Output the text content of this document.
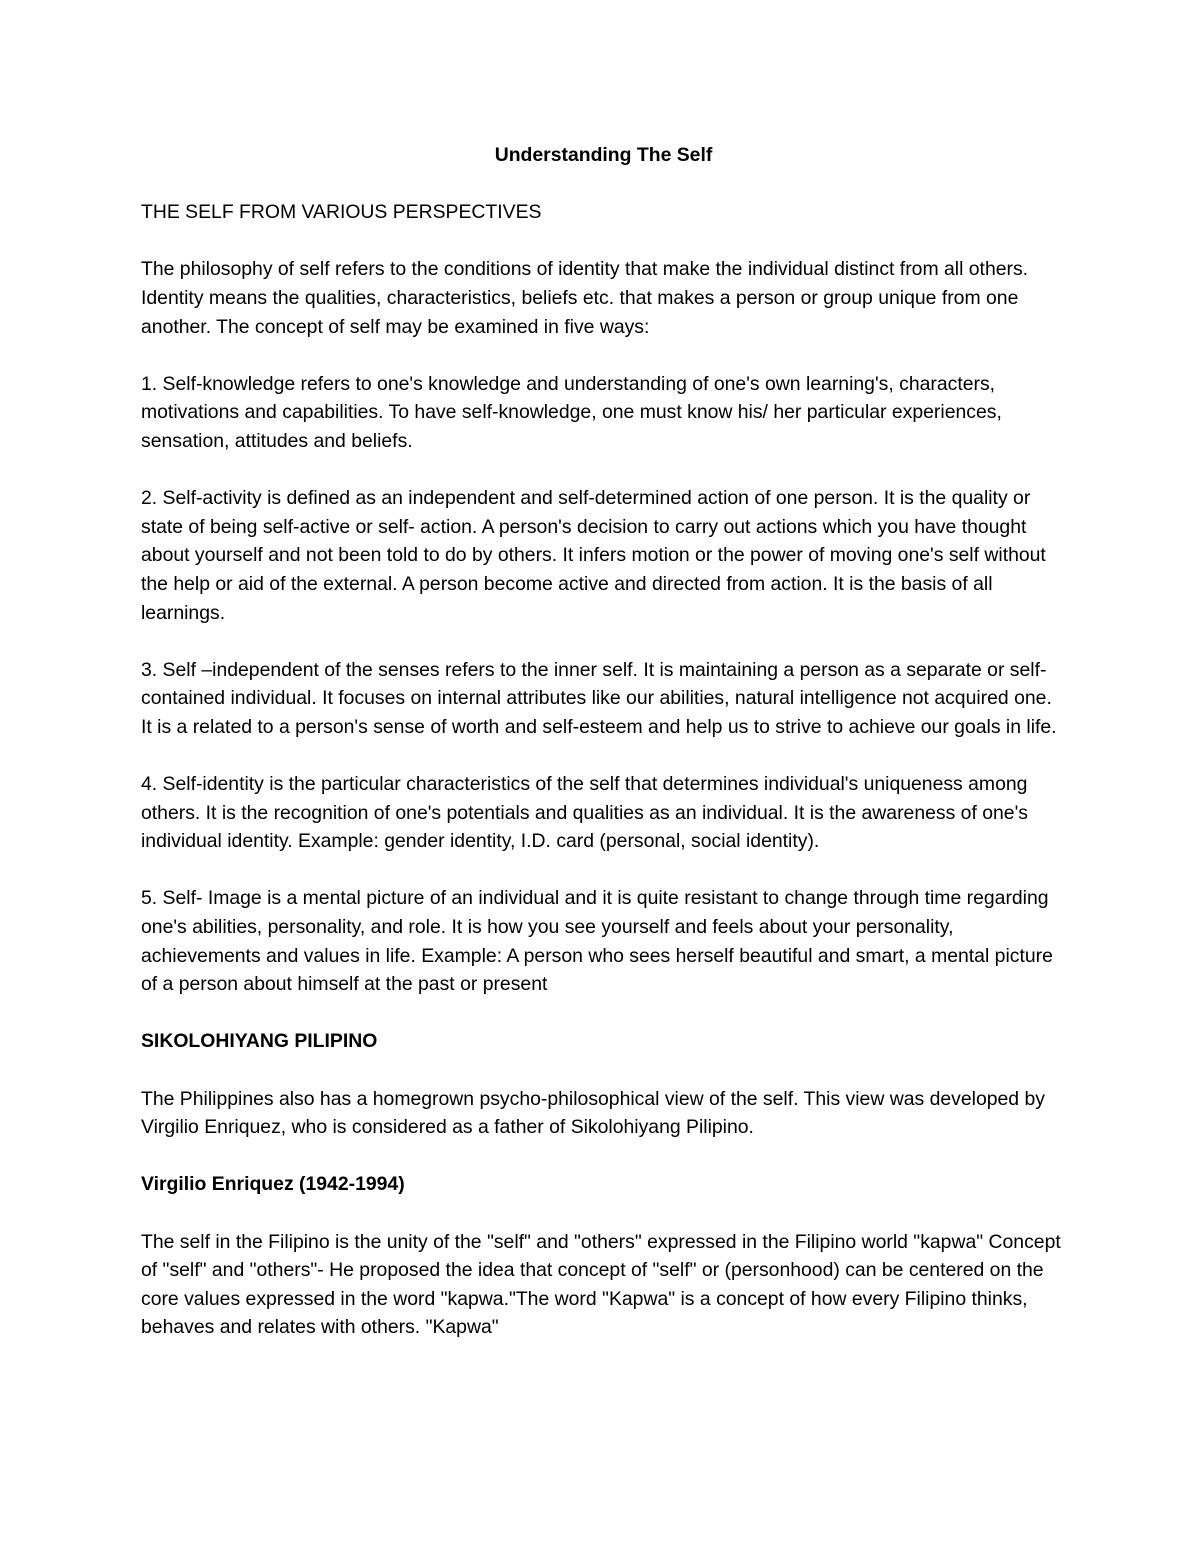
Understanding The Self
THE SELF FROM VARIOUS PERSPECTIVES

The philosophy of self refers to the conditions of identity that make the individual distinct from all others. Identity means the qualities, characteristics, beliefs etc. that makes a person or group unique from one another. The concept of self may be examined in five ways:

1. Self-knowledge refers to one's knowledge and understanding of one's own learning's, characters, motivations and capabilities. To have self-knowledge, one must know his/ her particular experiences, sensation, attitudes and beliefs.

2. Self-activity is defined as an independent and self-determined action of one person. It is the quality or state of being self-active or self- action. A person's decision to carry out actions which you have thought about yourself and not been told to do by others. It infers motion or the power of moving one's self without the help or aid of the external. A person become active and directed from action. It is the basis of all learnings.

3. Self –independent of the senses refers to the inner self. It is maintaining a person as a separate or self-contained individual. It focuses on internal attributes like our abilities, natural intelligence not acquired one. It is a related to a person's sense of worth and self-esteem and help us to strive to achieve our goals in life.

4. Self-identity is the particular characteristics of the self that determines individual's uniqueness among others. It is the recognition of one's potentials and qualities as an individual. It is the awareness of one's individual identity. Example: gender identity, I.D. card (personal, social identity).

5. Self- Image is a mental picture of an individual and it is quite resistant to change through time regarding one's abilities, personality, and role. It is how you see yourself and feels about your personality, achievements and values in life. Example: A person who sees herself beautiful and smart, a mental picture of a person about himself at the past or present

SIKOLOHIYANG PILIPINO

The Philippines also has a homegrown psycho-philosophical view of the self. This view was developed by Virgilio Enriquez, who is considered as a father of Sikolohiyang Pilipino.

Virgilio Enriquez (1942-1994)

The self in the Filipino is the unity of the "self" and "others" expressed in the Filipino world "kapwa" Concept of "self" and "others"- He proposed the idea that concept of "self" or (personhood) can be centered on the core values expressed in the word "kapwa."The word "Kapwa" is a concept of how every Filipino thinks, behaves and relates with others. "Kapwa"
